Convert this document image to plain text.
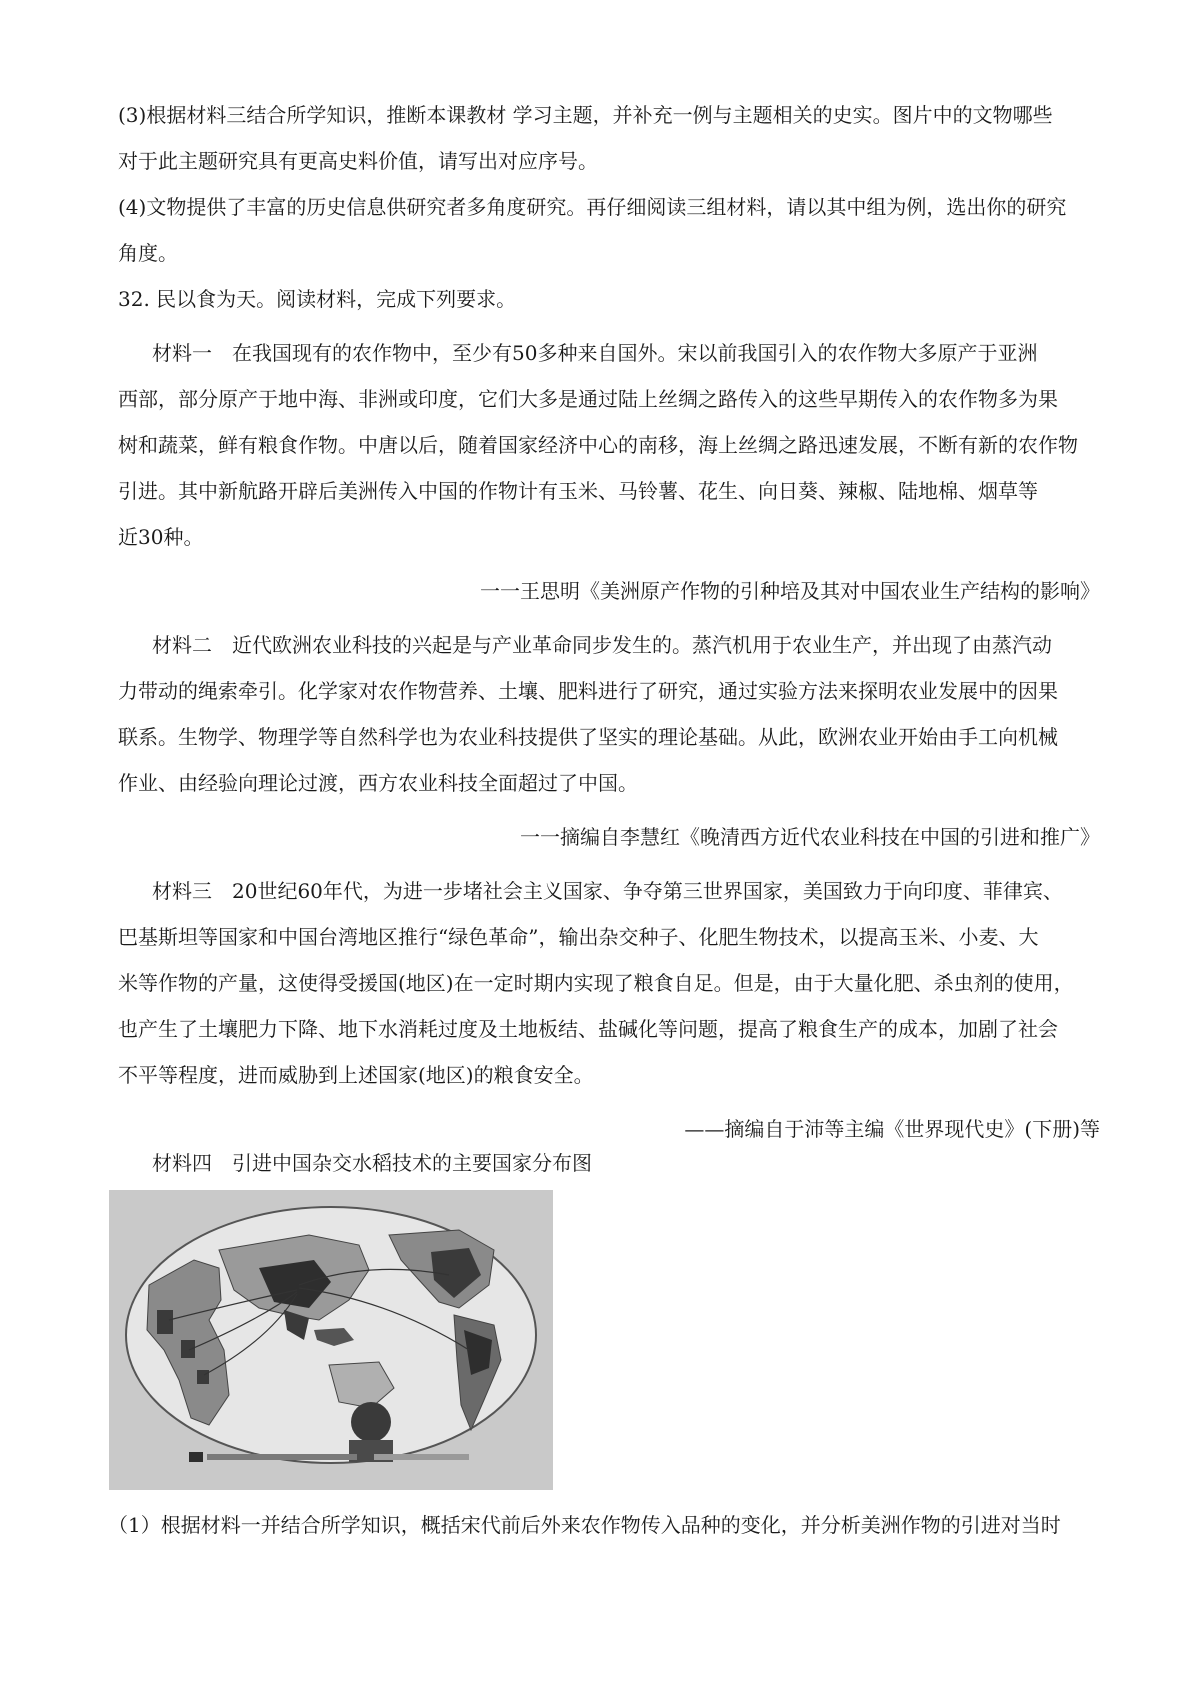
(3)根据材料三结合所学知识，推断本课教材 学习主题，并补充一例与主题相关的史实。图片中的文物哪些
对于此主题研究具有更高史料价值，请写出对应序号。
(4)文物提供了丰富的历史信息供研究者多角度研究。再仔细阅读三组材料，请以其中组为例，选出你的研究
角度。
32. 民以食为天。阅读材料，完成下列要求。
材料一　在我国现有的农作物中，至少有50多种来自国外。宋以前我国引入的农作物大多原产于亚洲
西部，部分原产于地中海、非洲或印度，它们大多是通过陆上丝绸之路传入的这些早期传入的农作物多为果
树和蔬菜，鲜有粮食作物。中唐以后，随着国家经济中心的南移，海上丝绸之路迅速发展，不断有新的农作物
引进。其中新航路开辟后美洲传入中国的作物计有玉米、马铃薯、花生、向日葵、辣椒、陆地棉、烟草等
近30种。
一一王思明《美洲原产作物的引种培及其对中国农业生产结构的影响》
材料二　近代欧洲农业科技的兴起是与产业革命同步发生的。蒸汽机用于农业生产，并出现了由蒸汽动
力带动的绳索牵引。化学家对农作物营养、土壤、肥料进行了研究，通过实验方法来探明农业发展中的因果
联系。生物学、物理学等自然科学也为农业科技提供了坚实的理论基础。从此，欧洲农业开始由手工向机械
作业、由经验向理论过渡，西方农业科技全面超过了中国。
一一摘编自李慧红《晚清西方近代农业科技在中国的引进和推广》
材料三　20世纪60年代，为进一步堵社会主义国家、争夺第三世界国家，美国致力于向印度、菲律宾、
巴基斯坦等国家和中国台湾地区推行“绿色革命”，输出杂交种子、化肥生物技术，以提高玉米、小麦、大
米等作物的产量，这使得受援国(地区)在一定时期内实现了粮食自足。但是，由于大量化肥、杀虫剂的使用，
也产生了土壤肥力下降、地下水消耗过度及土地板结、盐碱化等问题，提高了粮食生产的成本，加剧了社会
不平等程度，进而威胁到上述国家(地区)的粮食安全。
——摘编自于沛等主编《世界现代史》(下册)等
材料四　引进中国杂交水稻技术的主要国家分布图
（1）根据材料一并结合所学知识，概括宋代前后外来农作物传入品种的变化，并分析美洲作物的引进对当时
